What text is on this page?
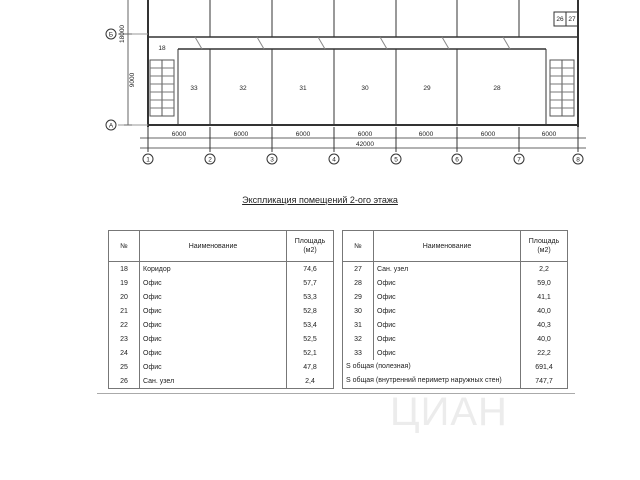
Б
А
18000
9000
26 27
18
33	32	31	30	29	28
6000	6000	6000	6000	6000	6000	6000
42000
1	2	3	4	5	6	7	8
Экспликация помещений 2-ого этажа
№	Наименование	Площадь (м2)
18	Коридор	74,6
19	Офис	57,7
20	Офис	53,3
21	Офис	52,8
22	Офис	53,4
23	Офис	52,5
24	Офис	52,1
25	Офис	47,8
26	Сан. узел	2,4
№	Наименование	Площадь (м2)
27	Сан. узел	2,2
28	Офис	59,0
29	Офис	41,1
30	Офис	40,0
31	Офис	40,3
32	Офис	40,0
33	Офис	22,2
S общая (полезная)		691,4
S общая (внутренний периметр наружных стен)		747,7
ЦИАН
